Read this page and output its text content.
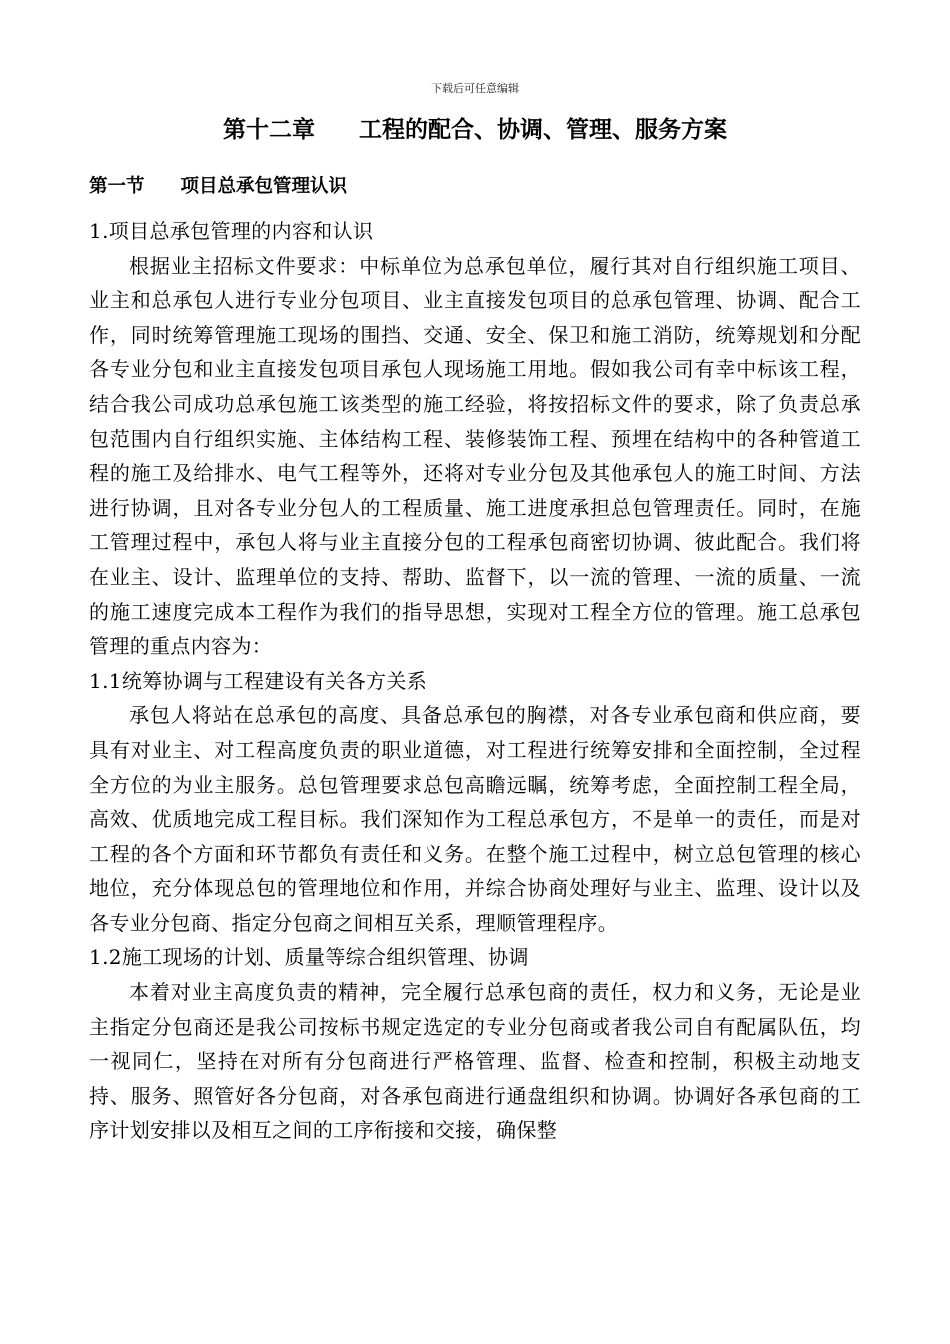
下载后可任意编辑
第十二章 工程的配合、协调、管理、服务方案
第一节 项目总承包管理认识

1.项目总承包管理的内容和认识

根据业主招标文件要求：中标单位为总承包单位，履行其对自行组织施工项目、业主和总承包人进行专业分包项目、业主直接发包项目的总承包管理、协调、配合工作，同时统筹管理施工现场的围挡、交通、安全、保卫和施工消防，统筹规划和分配各专业分包和业主直接发包项目承包人现场施工用地。假如我公司有幸中标该工程，结合我公司成功总承包施工该类型的施工经验，将按招标文件的要求，除了负责总承包范围内自行组织实施、主体结构工程、装修装饰工程、预埋在结构中的各种管道工程的施工及给排水、电气工程等外，还将对专业分包及其他承包人的施工时间、方法进行协调，且对各专业分包人的工程质量、施工进度承担总包管理责任。同时，在施工管理过程中，承包人将与业主直接分包的工程承包商密切协调、彼此配合。我们将在业主、设计、监理单位的支持、帮助、监督下，以一流的管理、一流的质量、一流的施工速度完成本工程作为我们的指导思想，实现对工程全方位的管理。施工总承包管理的重点内容为：

1.1统筹协调与工程建设有关各方关系

承包人将站在总承包的高度、具备总承包的胸襟，对各专业承包商和供应商，要具有对业主、对工程高度负责的职业道德，对工程进行统筹安排和全面控制，全过程全方位的为业主服务。总包管理要求总包高瞻远瞩，统筹考虑，全面控制工程全局，高效、优质地完成工程目标。我们深知作为工程总承包方，不是单一的责任，而是对工程的各个方面和环节都负有责任和义务。在整个施工过程中，树立总包管理的核心地位，充分体现总包的管理地位和作用，并综合协商处理好与业主、监理、设计以及各专业分包商、指定分包商之间相互关系，理顺管理程序。

1.2施工现场的计划、质量等综合组织管理、协调

本着对业主高度负责的精神，完全履行总承包商的责任，权力和义务，无论是业主指定分包商还是我公司按标书规定选定的专业分包商或者我公司自有配属队伍，均一视同仁，坚持在对所有分包商进行严格管理、监督、检查和控制，积极主动地支持、服务、照管好各分包商，对各承包商进行通盘组织和协调。协调好各承包商的工序计划安排以及相互之间的工序衔接和交接，确保整
